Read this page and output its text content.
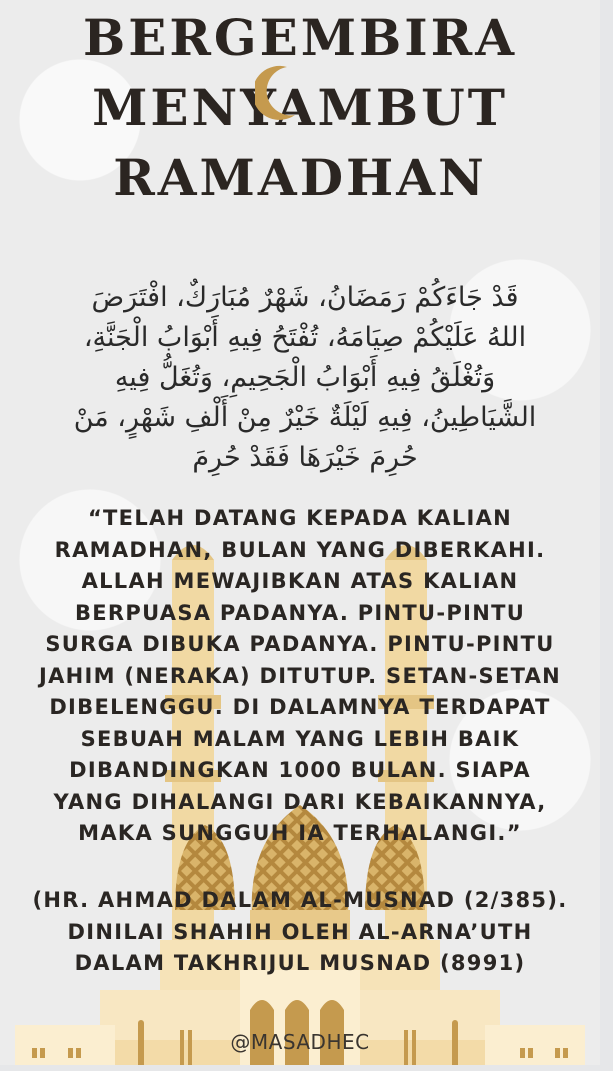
BERGEMBIRA
MENYAMBUT
RAMADHAN
قَدْ جَاءَكُمْ رَمَضَانُ، شَهْرٌ مُبَارَكٌ، افْتَرَضَ
اللهُ عَلَيْكُمْ صِيَامَهُ، تُفْتَحُ فِيهِ أَبْوَابُ الْجَنَّةِ،
وَتُغْلَقُ فِيهِ أَبْوَابُ الْجَحِيمِ، وَتُغَلُّ فِيهِ
الشَّيَاطِينُ، فِيهِ لَيْلَةٌ خَيْرٌ مِنْ أَلْفِ شَهْرٍ، مَنْ
حُرِمَ خَيْرَهَا فَقَدْ حُرِمَ
“TELAH DATANG KEPADA KALIAN
RAMADHAN, BULAN YANG DIBERKAHI.
ALLAH MEWAJIBKAN ATAS KALIAN
BERPUASA PADANYA. PINTU-PINTU
SURGA DIBUKA PADANYA. PINTU-PINTU
JAHIM (NERAKA) DITUTUP. SETAN-SETAN
DIBELENGGU. DI DALAMNYA TERDAPAT
SEBUAH MALAM YANG LEBIH BAIK
DIBANDINGKAN 1000 BULAN. SIAPA
YANG DIHALANGI DARI KEBAIKANNYA,
MAKA SUNGGUH IA TERHALANGI.”
(HR. AHMAD DALAM AL-MUSNAD (2/385).
DINILAI SHAHIH OLEH AL-ARNA’UTH
DALAM TAKHRIJUL MUSNAD (8991)
@MASADHEC
